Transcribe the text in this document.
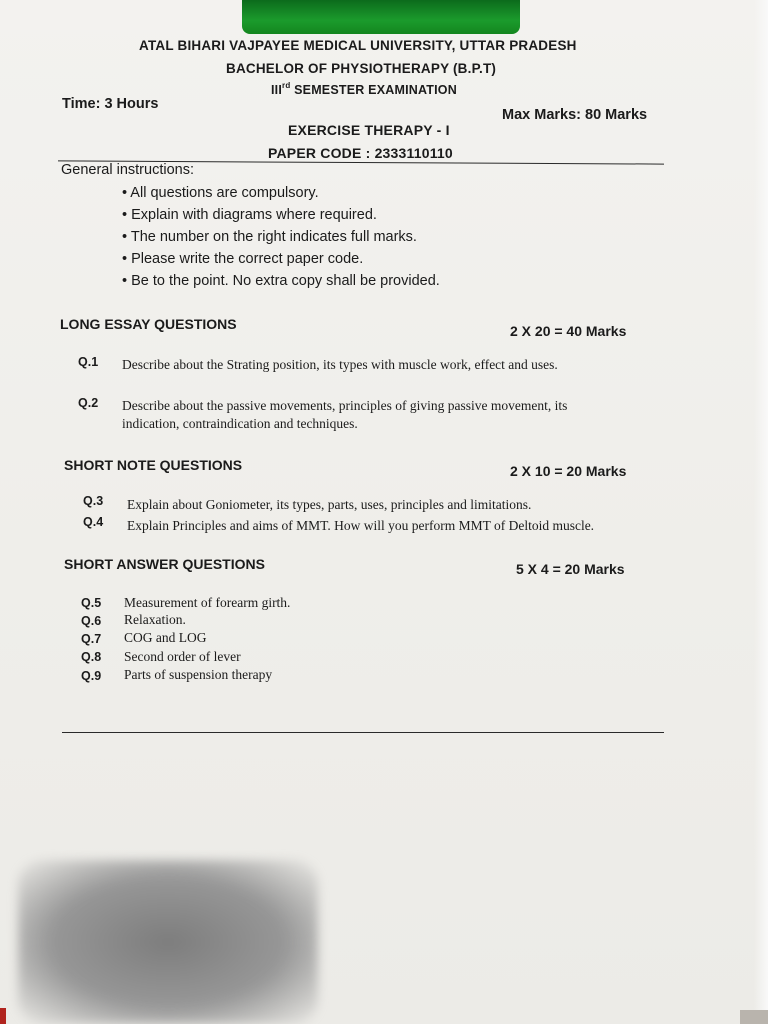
ATAL BIHARI VAJPAYEE MEDICAL UNIVERSITY, UTTAR PRADESH
BACHELOR OF PHYSIOTHERAPY (B.P.T)
IIIrd SEMESTER EXAMINATION
Time: 3 Hours
Max Marks: 80 Marks
EXERCISE THERAPY - I
PAPER CODE : 2333110110
General instructions:
• All questions are compulsory.
• Explain with diagrams where required.
• The number on the right indicates full marks.
• Please write the correct paper code.
• Be to the point. No extra copy shall be provided.
LONG ESSAY QUESTIONS	2 X 20 = 40 Marks
Q.1 Describe about the Strating position, its types with muscle work, effect and uses.
Q.2 Describe about the passive movements, principles of giving passive movement, its
indication, contraindication and techniques.
SHORT NOTE QUESTIONS	2 X 10 = 20 Marks
Q.3 Explain about Goniometer, its types, parts, uses, principles and limitations.
Q.4 Explain Principles and aims of MMT. How will you perform MMT of Deltoid muscle.
SHORT ANSWER QUESTIONS	5 X 4 = 20 Marks
Q.5 Measurement of forearm girth.
Q.6 Relaxation.
Q.7 COG and LOG
Q.8 Second order of lever
Q.9 Parts of suspension therapy
